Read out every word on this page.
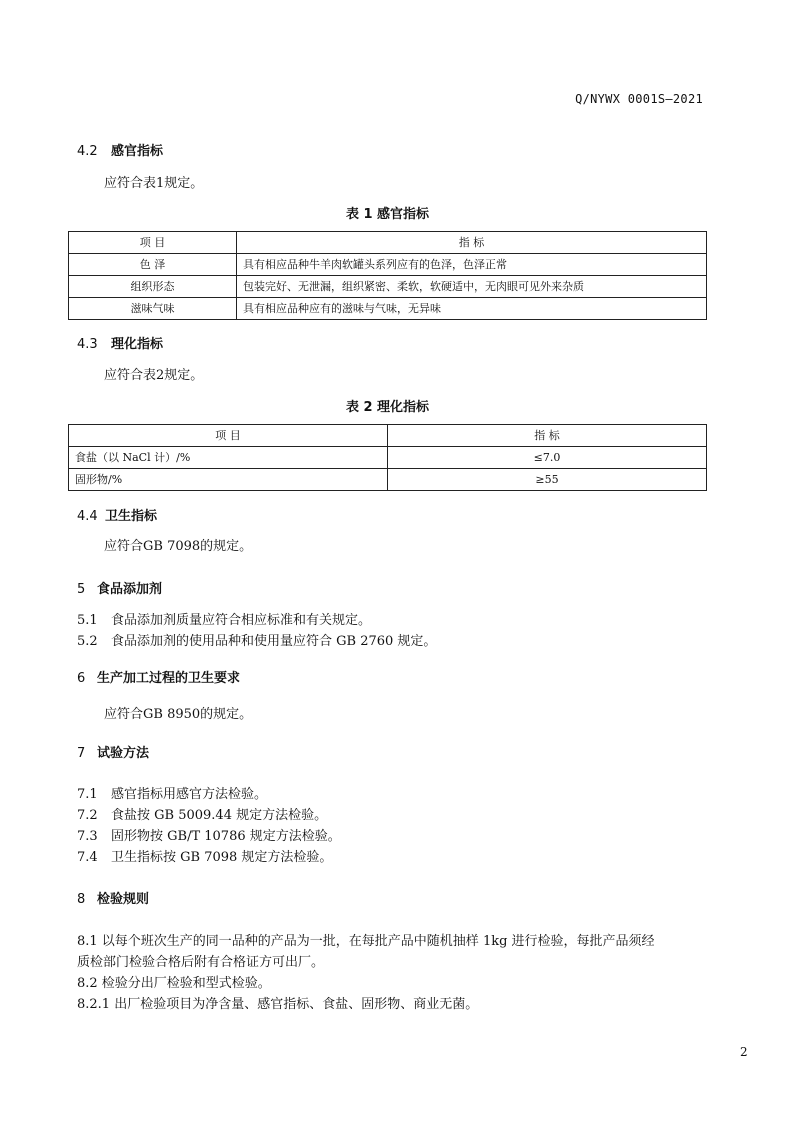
Q/NYWX 0001S—2021
4.2 感官指标
应符合表1规定。
表 1 感官指标
项 目	指 标
色 泽	具有相应品种牛羊肉软罐头系列应有的色泽，色泽正常
组织形态	包装完好、无泄漏，组织紧密、柔软，软硬适中，无肉眼可见外来杂质
滋味气味	具有相应品种应有的滋味与气味，无异味
4.3 理化指标
应符合表2规定。
表 2 理化指标
项 目	指 标
食盐（以 NaCl 计）/%	≤7.0
固形物/%	≥55
4.4 卫生指标
应符合GB 7098的规定。
5 食品添加剂
5.1 食品添加剂质量应符合相应标准和有关规定。
5.2 食品添加剂的使用品种和使用量应符合 GB 2760 规定。
6 生产加工过程的卫生要求
应符合GB 8950的规定。
7 试验方法
7.1 感官指标用感官方法检验。
7.2 食盐按 GB 5009.44 规定方法检验。
7.3 固形物按 GB/T 10786 规定方法检验。
7.4 卫生指标按 GB 7098 规定方法检验。
8 检验规则
8.1 以每个班次生产的同一品种的产品为一批，在每批产品中随机抽样 1kg 进行检验，每批产品须经
质检部门检验合格后附有合格证方可出厂。
8.2 检验分出厂检验和型式检验。
8.2.1 出厂检验项目为净含量、感官指标、食盐、固形物、商业无菌。
2
